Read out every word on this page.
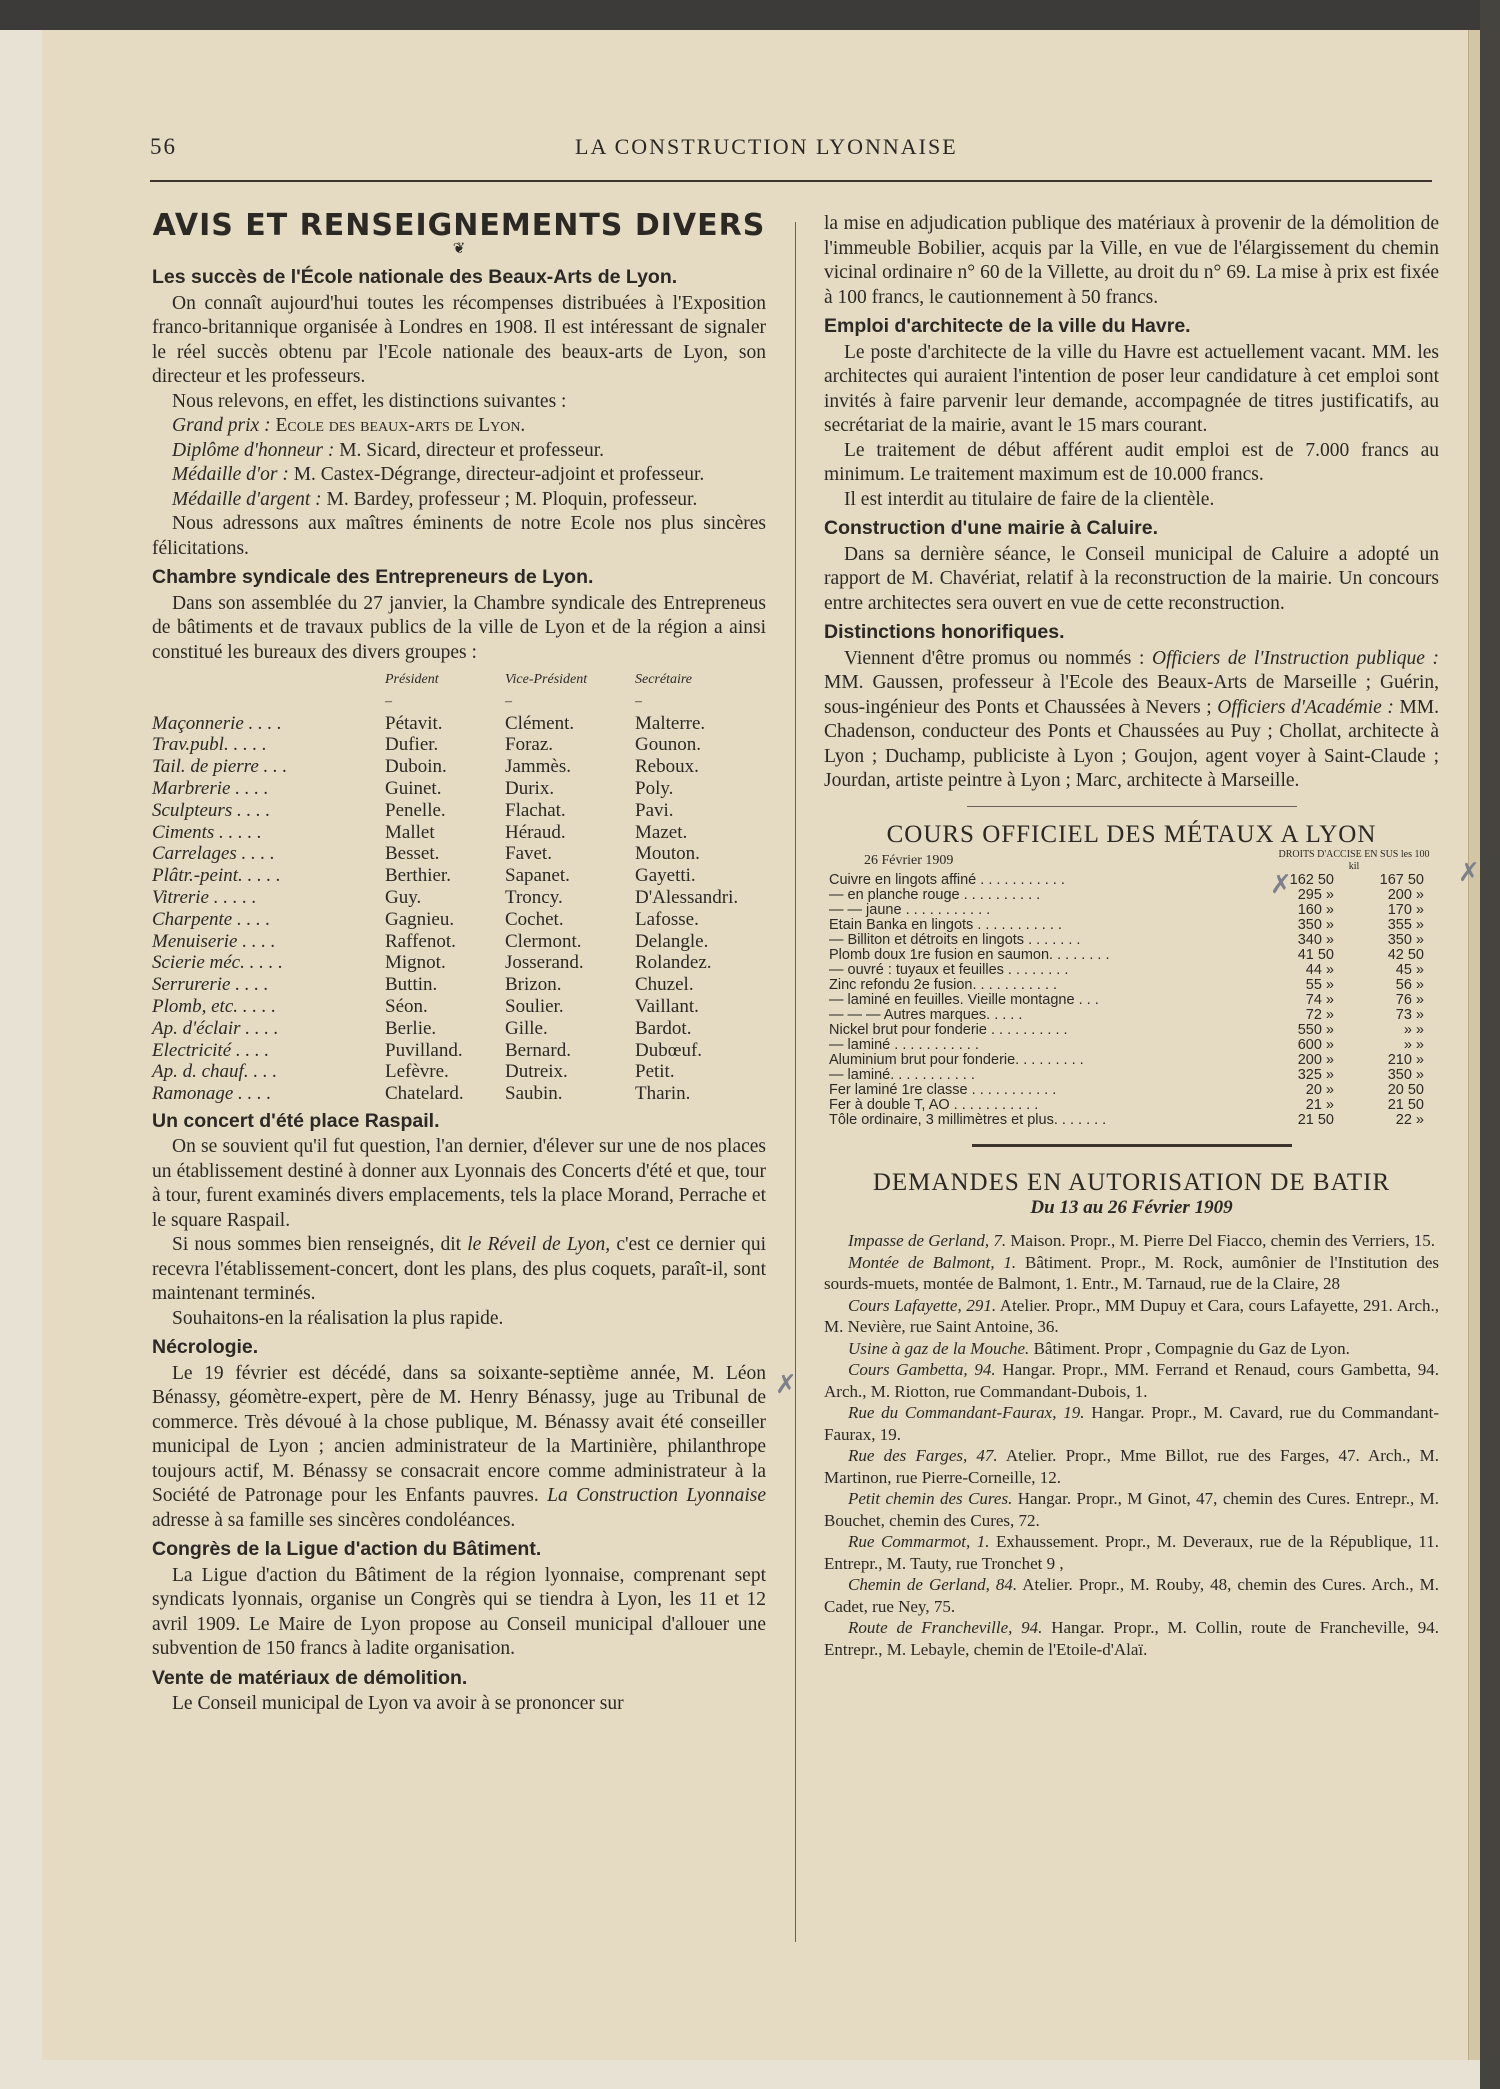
56	LA CONSTRUCTION LYONNAISE
AVIS ET RENSEIGNEMENTS DIVERS
❦
Les succès de l'École nationale des Beaux-Arts de Lyon.

On connaît aujourd'hui toutes les récompenses distribuées à l'Exposition franco-britannique organisée à Londres en 1908. Il est intéressant de signaler le réel succès obtenu par l'Ecole nationale des beaux-arts de Lyon, son directeur et les professeurs.

Nous relevons, en effet, les distinctions suivantes :

Grand prix : Ecole des beaux-arts de Lyon.

Diplôme d'honneur : M. Sicard, directeur et professeur.

Médaille d'or : M. Castex-Dégrange, directeur-adjoint et professeur.

Médaille d'argent : M. Bardey, professeur ; M. Ploquin, professeur.

Nous adressons aux maîtres éminents de notre Ecole nos plus sincères félicitations.

Chambre syndicale des Entrepreneurs de Lyon.

Dans son assemblée du 27 janvier, la Chambre syndicale des Entrepreneus de bâtiments et de travaux publics de la ville de Lyon et de la région a ainsi constitué les bureaux des divers groupes :

	Président	Vice-Président	Secrétaire
	–	–	–
Maçonnerie . . . .	Pétavit.	Clément.	Malterre.
Trav.publ. . . . .	Dufier.	Foraz.	Gounon.
Tail. de pierre . . .	Duboin.	Jammès.	Reboux.
Marbrerie . . . .	Guinet.	Durix.	Poly.
Sculpteurs . . . .	Penelle.	Flachat.	Pavi.
Ciments . . . . .	Mallet	Héraud.	Mazet.
Carrelages . . . .	Besset.	Favet.	Mouton.
Plâtr.-peint. . . . .	Berthier.	Sapanet.	Gayetti.
Vitrerie . . . . .	Guy.	Troncy.	D'Alessandri.
Charpente . . . .	Gagnieu.	Cochet.	Lafosse.
Menuiserie . . . .	Raffenot.	Clermont.	Delangle.
Scierie méc. . . . .	Mignot.	Josserand.	Rolandez.
Serrurerie . . . .	Buttin.	Brizon.	Chuzel.
Plomb, etc. . . . .	Séon.	Soulier.	Vaillant.
Ap. d'éclair . . . .	Berlie.	Gille.	Bardot.
Electricité . . . .	Puvilland.	Bernard.	Dubœuf.
Ap. d. chauf. . . .	Lefèvre.	Dutreix.	Petit.
Ramonage . . . .	Chatelard.	Saubin.	Tharin.
Un concert d'été place Raspail.

On se souvient qu'il fut question, l'an dernier, d'élever sur une de nos places un établissement destiné à donner aux Lyonnais des Concerts d'été et que, tour à tour, furent examinés divers emplacements, tels la place Morand, Perrache et le square Raspail.

Si nous sommes bien renseignés, dit le Réveil de Lyon, c'est ce dernier qui recevra l'établissement-concert, dont les plans, des plus coquets, paraît-il, sont maintenant terminés.

Souhaitons-en la réalisation la plus rapide.

Nécrologie.

Le 19 février est décédé, dans sa soixante-septième année, M. Léon Bénassy, géomètre-expert, père de M. Henry Bénassy, juge au Tribunal de commerce. Très dévoué à la chose publique, M. Bénassy avait été conseiller municipal de Lyon ; ancien administrateur de la Martinière, philanthrope toujours actif, M. Bénassy se consacrait encore comme administrateur à la Société de Patronage pour les Enfants pauvres. La Construction Lyonnaise adresse à sa famille ses sincères condoléances.

Congrès de la Ligue d'action du Bâtiment.

La Ligue d'action du Bâtiment de la région lyonnaise, comprenant sept syndicats lyonnais, organise un Congrès qui se tiendra à Lyon, les 11 et 12 avril 1909. Le Maire de Lyon propose au Conseil municipal d'allouer une subvention de 150 francs à ladite organisation.

Vente de matériaux de démolition.

Le Conseil municipal de Lyon va avoir à se prononcer sur

la mise en adjudication publique des matériaux à provenir de la démolition de l'immeuble Bobilier, acquis par la Ville, en vue de l'élargissement du chemin vicinal ordinaire n° 60 de la Villette, au droit du n° 69. La mise à prix est fixée à 100 francs, le cautionnement à 50 francs.

Emploi d'architecte de la ville du Havre.

Le poste d'architecte de la ville du Havre est actuellement vacant. MM. les architectes qui auraient l'intention de poser leur candidature à cet emploi sont invités à faire parvenir leur demande, accompagnée de titres justificatifs, au secrétariat de la mairie, avant le 15 mars courant.

Le traitement de début afférent audit emploi est de 7.000 francs au minimum. Le traitement maximum est de 10.000 francs.

Il est interdit au titulaire de faire de la clientèle.

Construction d'une mairie à Caluire.

Dans sa dernière séance, le Conseil municipal de Caluire a adopté un rapport de M. Chavériat, relatif à la reconstruction de la mairie. Un concours entre architectes sera ouvert en vue de cette reconstruction.

Distinctions honorifiques.

Viennent d'être promus ou nommés : Officiers de l'Instruction publique : MM. Gaussen, professeur à l'Ecole des Beaux-Arts de Marseille ; Guérin, sous-ingénieur des Ponts et Chaussées à Nevers ; Officiers d'Académie : MM. Chadenson, conducteur des Ponts et Chaussées au Puy ; Chollat, architecte à Lyon ; Duchamp, publiciste à Lyon ; Goujon, agent voyer à Saint-Claude ; Jourdan, artiste peintre à Lyon ; Marc, architecte à Marseille.

COURS OFFICIEL DES MÉTAUX A LYON
26 Février 1909	DROITS D'ACCISE EN SUS les 100 kil
Cuivre en lingots affiné . . . . . . . . . . .	162 50	167 50
— en planche rouge . . . . . . . . . .	295 »	200 »
— — jaune . . . . . . . . . . .	160 »	170 »
Etain Banka en lingots . . . . . . . . . . .	350 »	355 »
— Billiton et détroits en lingots . . . . . . .	340 »	350 »
Plomb doux 1re fusion en saumon. . . . . . . .	41 50	42 50
— ouvré : tuyaux et feuilles . . . . . . . .	44 »	45 »
Zinc refondu 2e fusion. . . . . . . . . . .	55 »	56 »
— laminé en feuilles. Vieille montagne . . .	74 »	76 »
— — — Autres marques. . . . .	72 »	73 »
Nickel brut pour fonderie . . . . . . . . . .	550 »	» »
— laminé . . . . . . . . . . .	600 »	» »
Aluminium brut pour fonderie. . . . . . . . .	200 »	210 »
— laminé. . . . . . . . . . .	325 »	350 »
Fer laminé 1re classe . . . . . . . . . . .	20 »	20 50
Fer à double T, AO . . . . . . . . . . .	21 »	21 50
Tôle ordinaire, 3 millimètres et plus. . . . . . .	21 50	22 »
DEMANDES EN AUTORISATION DE BATIR
Du 13 au 26 Février 1909

Impasse de Gerland, 7. Maison. Propr., M. Pierre Del Fiacco, chemin des Verriers, 15.

Montée de Balmont, 1. Bâtiment. Propr., M. Rock, aumônier de l'Institution des sourds-muets, montée de Balmont, 1. Entr., M. Tarnaud, rue de la Claire, 28

Cours Lafayette, 291. Atelier. Propr., MM Dupuy et Cara, cours Lafayette, 291. Arch., M. Nevière, rue Saint Antoine, 36.

Usine à gaz de la Mouche. Bâtiment. Propr , Compagnie du Gaz de Lyon.

Cours Gambetta, 94. Hangar. Propr., MM. Ferrand et Renaud, cours Gambetta, 94. Arch., M. Riotton, rue Commandant-Dubois, 1.

Rue du Commandant-Faurax, 19. Hangar. Propr., M. Cavard, rue du Commandant-Faurax, 19.

Rue des Farges, 47. Atelier. Propr., Mme Billot, rue des Farges, 47. Arch., M. Martinon, rue Pierre-Corneille, 12.

Petit chemin des Cures. Hangar. Propr., M Ginot, 47, chemin des Cures. Entrepr., M. Bouchet, chemin des Cures, 72.

Rue Commarmot, 1. Exhaussement. Propr., M. Deveraux, rue de la République, 11. Entrepr., M. Tauty, rue Tronchet 9 ,

Chemin de Gerland, 84. Atelier. Propr., M. Rouby, 48, chemin des Cures. Arch., M. Cadet, rue Ney, 75.

Route de Francheville, 94. Hangar. Propr., M. Collin, route de Francheville, 94. Entrepr., M. Lebayle, chemin de l'Etoile-d'Alaï.

✗
✗	✗
